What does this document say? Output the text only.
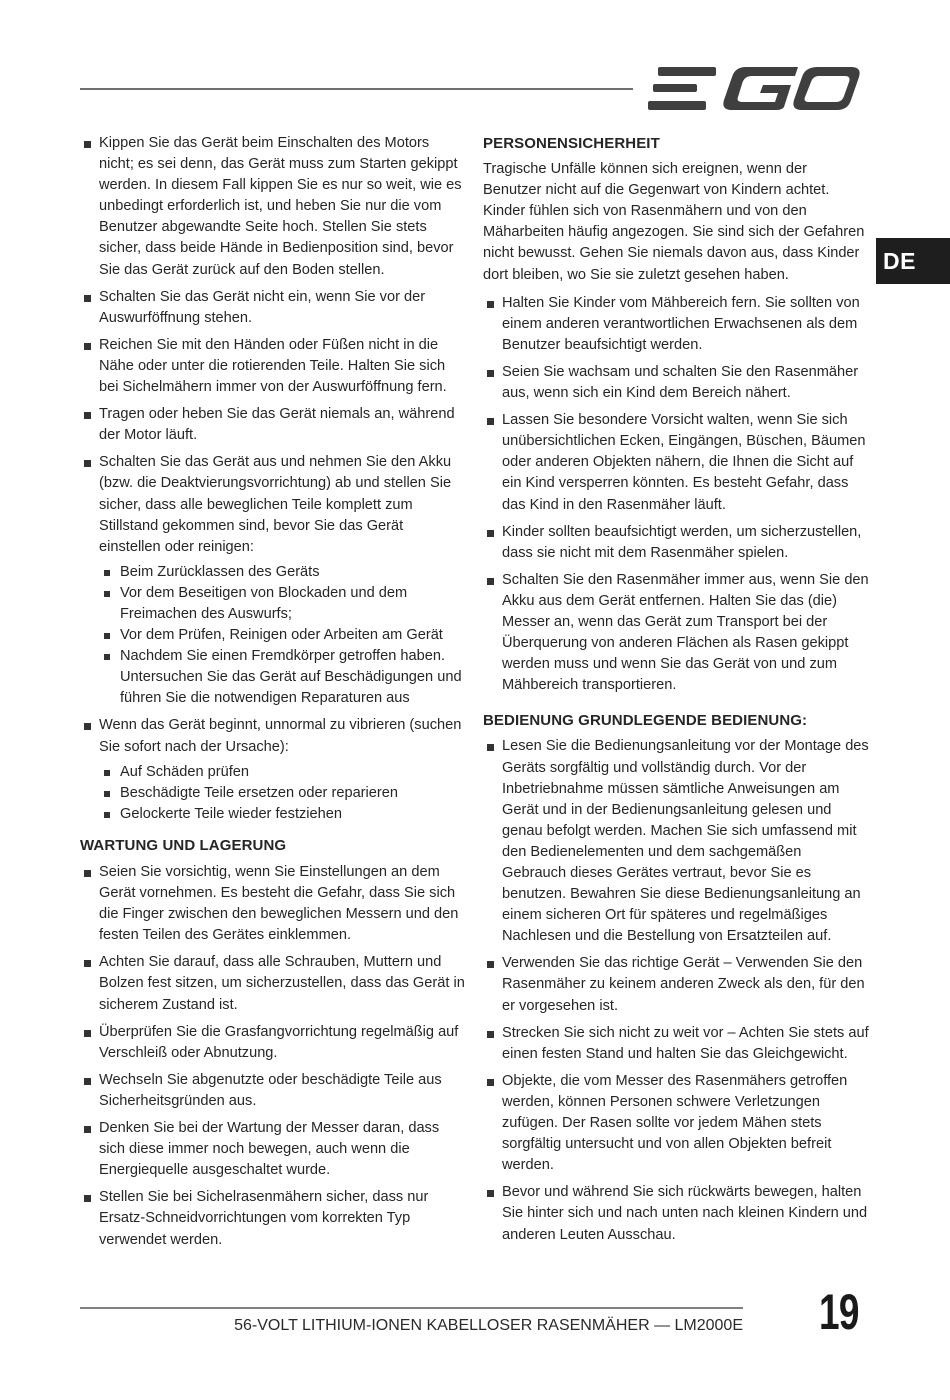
DE
Kippen Sie das Gerät beim Einschalten des Motors nicht; es sei denn, das Gerät muss zum Starten gekippt werden. In diesem Fall kippen Sie es nur so weit, wie es unbedingt erforderlich ist, und heben Sie nur die vom Benutzer abgewandte Seite hoch. Stellen Sie stets sicher, dass beide Hände in Bedienposition sind, bevor Sie das Gerät zurück auf den Boden stellen.
Schalten Sie das Gerät nicht ein, wenn Sie vor der Auswurföffnung stehen.
Reichen Sie mit den Händen oder Füßen nicht in die Nähe oder unter die rotierenden Teile. Halten Sie sich bei Sichelmähern immer von der Auswurföffnung fern.
Tragen oder heben Sie das Gerät niemals an, während der Motor läuft.
Schalten Sie das Gerät aus und nehmen Sie den Akku (bzw. die Deaktvierungsvorrichtung) ab und stellen Sie sicher, dass alle beweglichen Teile komplett zum Stillstand gekommen sind, bevor Sie das Gerät einstellen oder reinigen:
Beim Zurücklassen des Geräts
Vor dem Beseitigen von Blockaden und dem Freimachen des Auswurfs;
Vor dem Prüfen, Reinigen oder Arbeiten am Gerät
Nachdem Sie einen Fremdkörper getroffen haben. Untersuchen Sie das Gerät auf Beschädigungen und führen Sie die notwendigen Reparaturen aus
Wenn das Gerät beginnt, unnormal zu vibrieren (suchen Sie sofort nach der Ursache):
Auf Schäden prüfen
Beschädigte Teile ersetzen oder reparieren
Gelockerte Teile wieder festziehen
WARTUNG UND LAGERUNG
Seien Sie vorsichtig, wenn Sie Einstellungen an dem Gerät vornehmen. Es besteht die Gefahr, dass Sie sich die Finger zwischen den beweglichen Messern und den festen Teilen des Gerätes einklemmen.
Achten Sie darauf, dass alle Schrauben, Muttern und Bolzen fest sitzen, um sicherzustellen, dass das Gerät in sicherem Zustand ist.
Überprüfen Sie die Grasfangvorrichtung regelmäßig auf Verschleiß oder Abnutzung.
Wechseln Sie abgenutzte oder beschädigte Teile aus Sicherheitsgründen aus.
Denken Sie bei der Wartung der Messer daran, dass sich diese immer noch bewegen, auch wenn die Energiequelle ausgeschaltet wurde.
Stellen Sie bei Sichelrasenmähern sicher, dass nur Ersatz-Schneidvorrichtungen vom korrekten Typ verwendet werden.
PERSONENSICHERHEIT

Tragische Unfälle können sich ereignen, wenn der Benutzer nicht auf die Gegenwart von Kindern achtet. Kinder fühlen sich von Rasenmähern und von den Mäharbeiten häufig angezogen. Sie sind sich der Gefahren nicht bewusst. Gehen Sie niemals davon aus, dass Kinder dort bleiben, wo Sie sie zuletzt gesehen haben.

Halten Sie Kinder vom Mähbereich fern. Sie sollten von einem anderen verantwortlichen Erwachsenen als dem Benutzer beaufsichtigt werden.
Seien Sie wachsam und schalten Sie den Rasenmäher aus, wenn sich ein Kind dem Bereich nähert.
Lassen Sie besondere Vorsicht walten, wenn Sie sich unübersichtlichen Ecken, Eingängen, Büschen, Bäumen oder anderen Objekten nähern, die Ihnen die Sicht auf ein Kind versperren könnten. Es besteht Gefahr, dass das Kind in den Rasenmäher läuft.
Kinder sollten beaufsichtigt werden, um sicherzustellen, dass sie nicht mit dem Rasenmäher spielen.
Schalten Sie den Rasenmäher immer aus, wenn Sie den Akku aus dem Gerät entfernen. Halten Sie das (die) Messer an, wenn das Gerät zum Transport bei der Überquerung von anderen Flächen als Rasen gekippt werden muss und wenn Sie das Gerät von und zum Mähbereich transportieren.
BEDIENUNG GRUNDLEGENDE BEDIENUNG:
Lesen Sie die Bedienungsanleitung vor der Montage des Geräts sorgfältig und vollständig durch. Vor der Inbetriebnahme müssen sämtliche Anweisungen am Gerät und in der Bedienungsanleitung gelesen und genau befolgt werden. Machen Sie sich umfassend mit den Bedienelementen und dem sachgemäßen Gebrauch dieses Gerätes vertraut, bevor Sie es benutzen. Bewahren Sie diese Bedienungsanleitung an einem sicheren Ort für späteres und regelmäßiges Nachlesen und die Bestellung von Ersatzteilen auf.
Verwenden Sie das richtige Gerät – Verwenden Sie den Rasenmäher zu keinem anderen Zweck als den, für den er vorgesehen ist.
Strecken Sie sich nicht zu weit vor – Achten Sie stets auf einen festen Stand und halten Sie das Gleichgewicht.
Objekte, die vom Messer des Rasenmähers getroffen werden, können Personen schwere Verletzungen zufügen. Der Rasen sollte vor jedem Mähen stets sorgfältig untersucht und von allen Objekten befreit werden.
Bevor und während Sie sich rückwärts bewegen, halten Sie hinter sich und nach unten nach kleinen Kindern und anderen Leuten Ausschau.
56-VOLT LITHIUM-IONEN KABELLOSER RASENMÄHER — LM2000E 19
